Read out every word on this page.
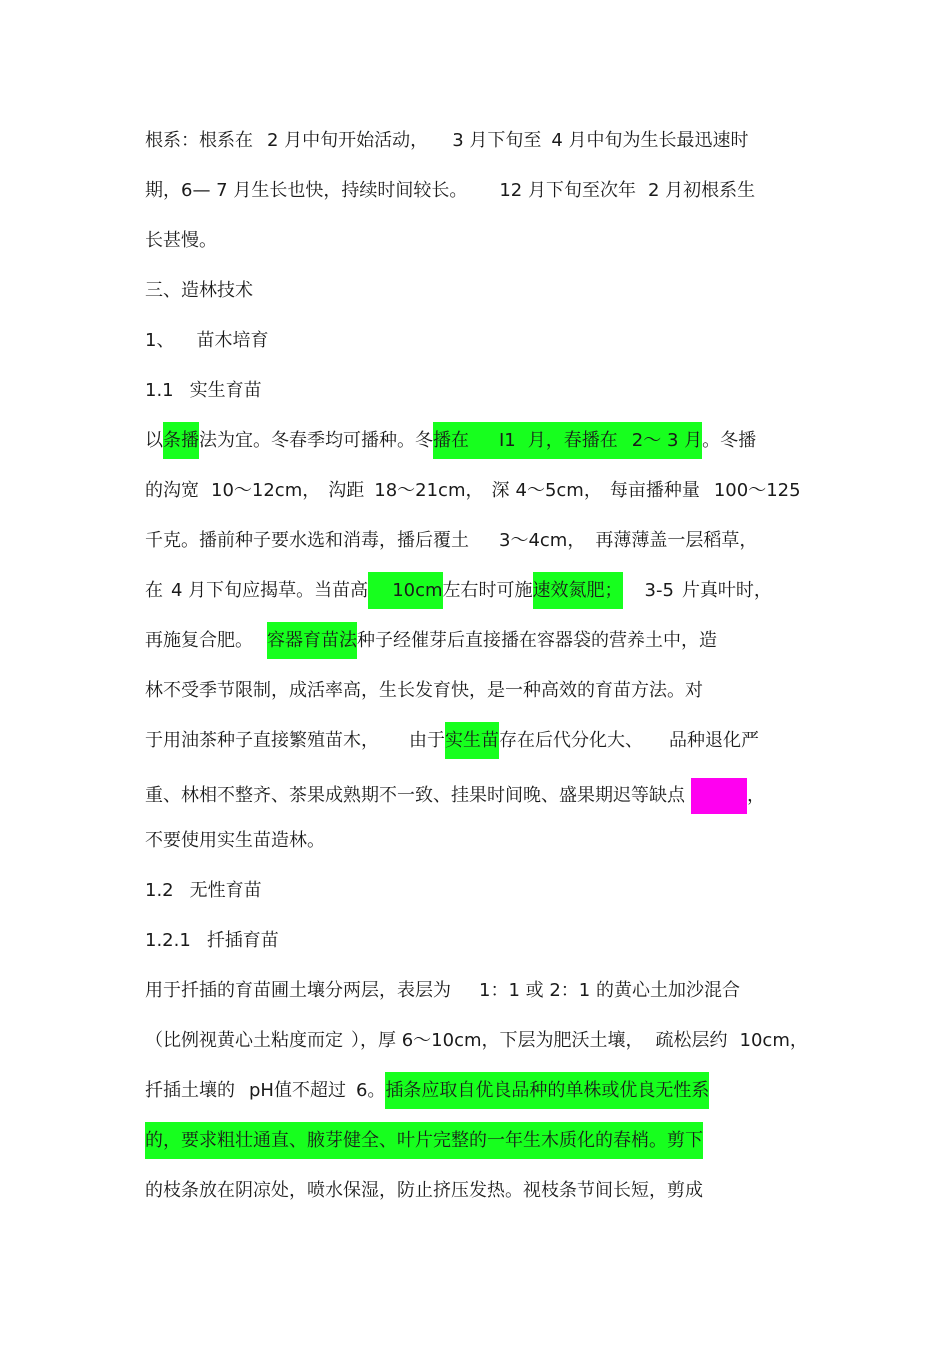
根系：根系在 2 月中旬开始活动， 3 月下旬至 4 月中旬为生长最迅速时
期，6— 7 月生长也快，持续时间较长。 12 月下旬至次年 2 月初根系生
长甚慢。
三、造林技术
1、 苗木培育
1.1 实生育苗
以条播法为宜。冬春季均可播种。冬播在 I1 月，春播在 2～ 3 月。冬播
的沟宽 10～12cm， 沟距 18～21cm， 深 4～5cm， 每亩播种量 100～125
千克。播前种子要水选和消毒，播后覆土 3～4cm， 再薄薄盖一层稻草，
在 4 月下旬应揭草。当苗高 10cm左右时可施速效氮肥； 3-5 片真叶时，
再施复合肥。 容器育苗法种子经催芽后直接播在容器袋的营养土中，造
林不受季节限制，成活率高，生长发育快，是一种高效的育苗方法。对
于用油茶种子直接繁殖苗木， 由于实生苗存在后代分化大、 品种退化严
重、林相不整齐、茶果成熟期不一致、挂果时间晚、盛果期迟等缺点	，
不要使用实生苗造林。
1.2 无性育苗
1.2.1 扦插育苗
用于扦插的育苗圃土壤分两层，表层为 1：1 或 2：1 的黄心土加沙混合
（比例视黄心土粘度而定 ），厚 6～10cm，下层为肥沃土壤， 疏松层约 10cm，
扦插土壤的 pH值不超过 6。插条应取自优良品种的单株或优良无性系
的，要求粗壮通直、腋芽健全、叶片完整的一年生木质化的春梢。剪下
的枝条放在阴凉处，喷水保湿，防止挤压发热。视枝条节间长短，剪成
